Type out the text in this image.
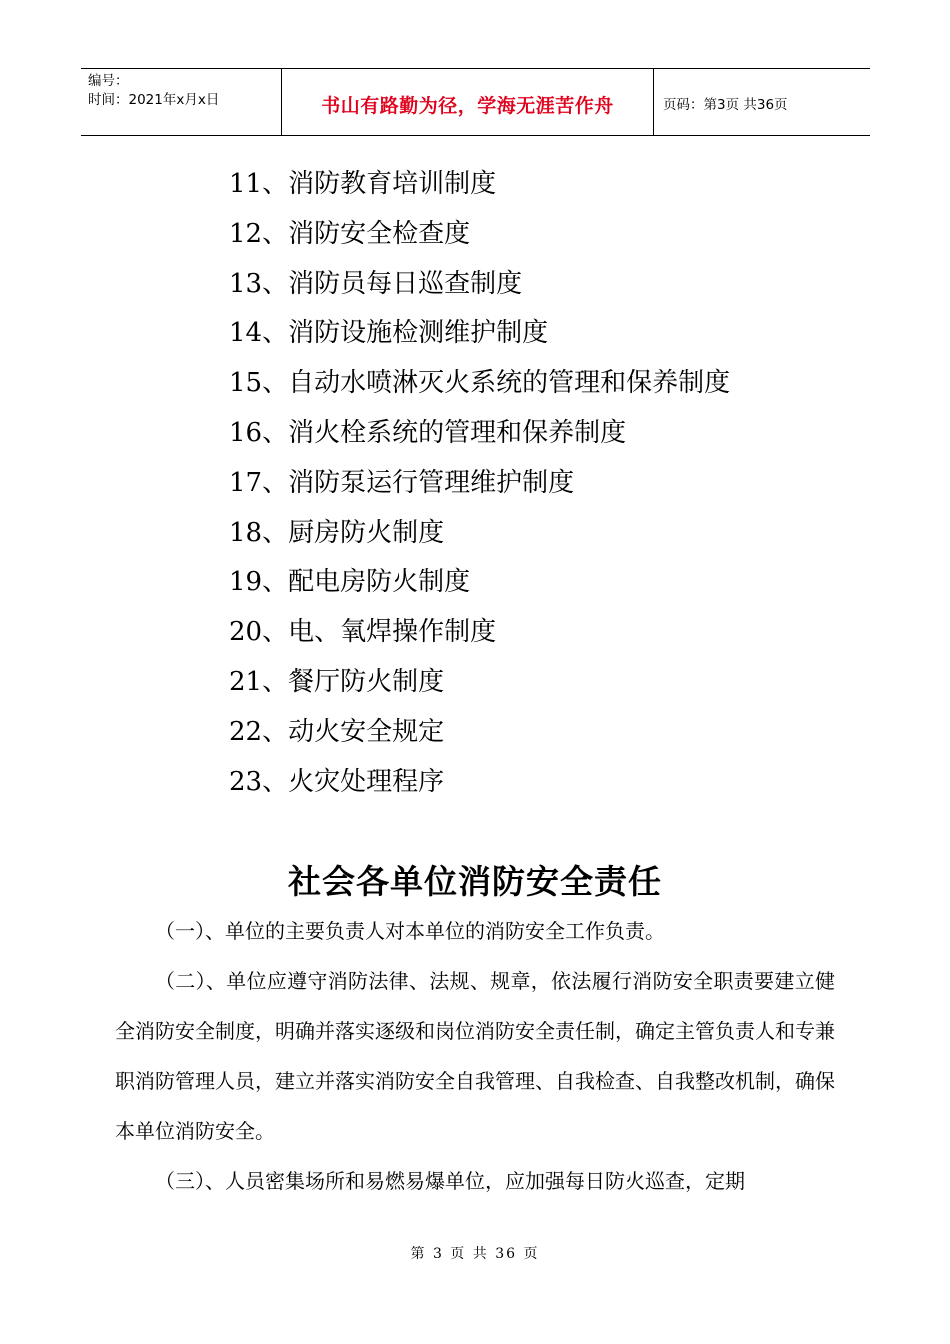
编号：
时间：2021年x月x日	书山有路勤为径，学海无涯苦作舟	页码：第3页 共36页
11、消防教育培训制度
12、消防安全检查度
13、消防员每日巡查制度
14、消防设施检测维护制度
15、自动水喷淋灭火系统的管理和保养制度
16、消火栓系统的管理和保养制度
17、消防泵运行管理维护制度
18、厨房防火制度
19、配电房防火制度
20、电、氧焊操作制度
21、餐厅防火制度
22、动火安全规定
23、火灾处理程序
社会各单位消防安全责任

（一）、单位的主要负责人对本单位的消防安全工作负责。

（二）、单位应遵守消防法律、法规、规章，依法履行消防安全职责要建立健全消防安全制度，明确并落实逐级和岗位消防安全责任制，确定主管负责人和专兼职消防管理人员，建立并落实消防安全自我管理、自我检查、自我整改机制，确保本单位消防安全。

（三）、人员密集场所和易燃易爆单位，应加强每日防火巡查，定期

第 3 页 共 36 页
